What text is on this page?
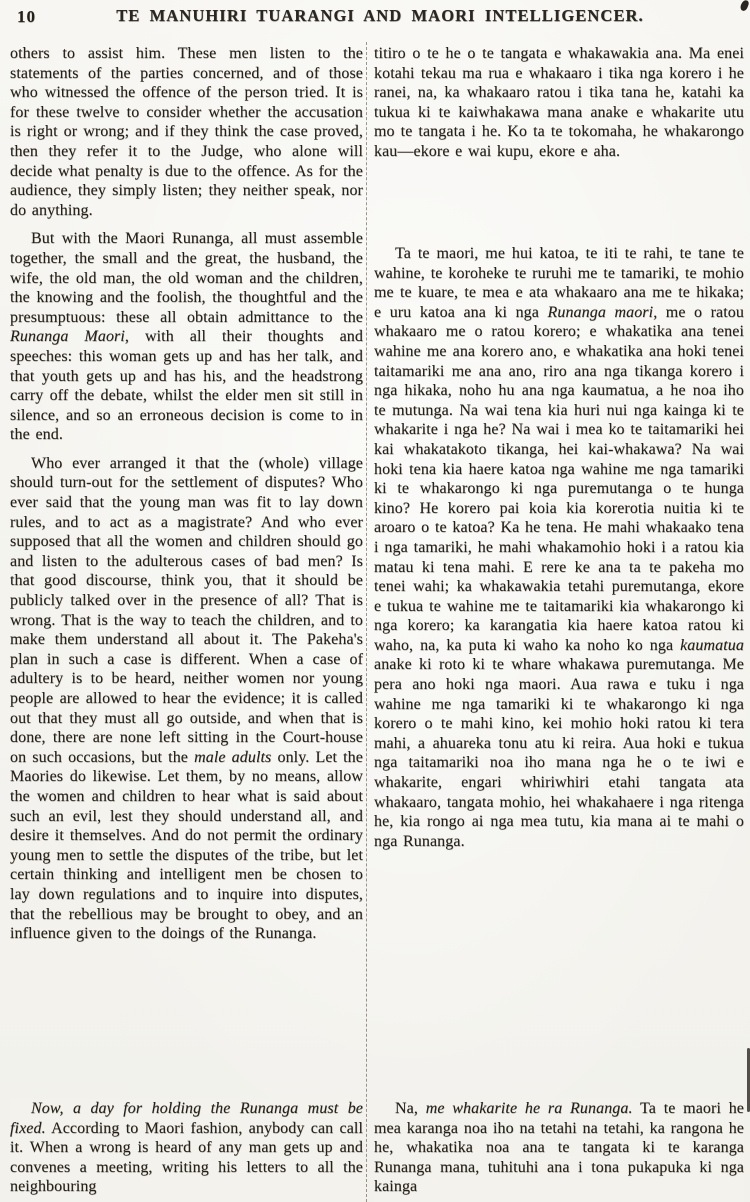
10	TE MANUHIRI TUARANGI AND MAORI INTELLIGENCER.

others to assist him. These men listen to the statements of the parties concerned, and of those who witnessed the offence of the person tried. It is for these twelve to consider whether the accusation is right or wrong; and if they think the case proved, then they refer it to the Judge, who alone will decide what penalty is due to the offence. As for the audience, they simply listen; they neither speak, nor do anything.

But with the Maori Runanga, all must assemble together, the small and the great, the husband, the wife, the old man, the old woman and the children, the knowing and the foolish, the thoughtful and the presumptuous: these all obtain admittance to the Runanga Maori, with all their thoughts and speeches: this woman gets up and has her talk, and that youth gets up and has his, and the headstrong carry off the debate, whilst the elder men sit still in silence, and so an erroneous decision is come to in the end.

Who ever arranged it that the (whole) village should turn-out for the settlement of disputes? Who ever said that the young man was fit to lay down rules, and to act as a magistrate? And who ever supposed that all the women and children should go and listen to the adulterous cases of bad men? Is that good discourse, think you, that it should be publicly talked over in the presence of all? That is wrong. That is the way to teach the children, and to make them understand all about it. The Pakeha's plan in such a case is different. When a case of adultery is to be heard, neither women nor young people are allowed to hear the evidence; it is called out that they must all go outside, and when that is done, there are none left sitting in the Court-house on such occasions, but the male adults only. Let the Maories do likewise. Let them, by no means, allow the women and children to hear what is said about such an evil, lest they should understand all, and desire it themselves. And do not permit the ordinary young men to settle the disputes of the tribe, but let certain thinking and intelligent men be chosen to lay down regulations and to inquire into disputes, that the rebellious may be brought to obey, and an influence given to the doings of the Runanga.

titiro o te he o te tangata e whakawakia ana. Ma enei kotahi tekau ma rua e whakaaro i tika nga korero i he ranei, na, ka whakaaro ratou i tika tana he, katahi ka tukua ki te kaiwhakawa mana anake e whakarite utu mo te tangata i he. Ko ta te tokomaha, he whakarongo kau—ekore e wai kupu, ekore e aha.

Ta te maori, me hui katoa, te iti te rahi, te tane te wahine, te koroheke te ruruhi me te tamariki, te mohio me te kuare, te mea e ata whakaaro ana me te hikaka; e uru katoa ana ki nga Runanga maori, me o ratou whakaaro me o ratou korero; e whakatika ana tenei wahine me ana korero ano, e whakatika ana hoki tenei taitamariki me ana ano, riro ana nga tikanga korero i nga hikaka, noho hu ana nga kaumatua, a he noa iho te mutunga. Na wai tena kia huri nui nga kainga ki te whakarite i nga he? Na wai i mea ko te taitamariki hei kai whakatakoto tikanga, hei kai-whakawa? Na wai hoki tena kia haere katoa nga wahine me nga tamariki ki te whakarongo ki nga puremutanga o te hunga kino? He korero pai koia kia korerotia nuitia ki te aroaro o te katoa? Ka he tena. He mahi whakaako tena i nga tamariki, he mahi whakamohio hoki i a ratou kia matau ki tena mahi. E rere ke ana ta te pakeha mo tenei wahi; ka whakawakia tetahi puremutanga, ekore e tukua te wahine me te taitamariki kia whakarongo ki nga korero; ka karangatia kia haere katoa ratou ki waho, na, ka puta ki waho ka noho ko nga kaumatua anake ki roto ki te whare whakawa puremutanga. Me pera ano hoki nga maori. Aua rawa e tuku i nga wahine me nga tamariki ki te whakarongo ki nga korero o te mahi kino, kei mohio hoki ratou ki tera mahi, a ahuareka tonu atu ki reira. Aua hoki e tukua nga taitamariki noa iho mana nga he o te iwi e whakarite, engari whiriwhiri etahi tangata ata whakaaro, tangata mohio, hei whakahaere i nga ritenga he, kia rongo ai nga mea tutu, kia mana ai te mahi o nga Runanga.

Now, a day for holding the Runanga must be fixed. According to Maori fashion, anybody can call it. When a wrong is heard of any man gets up and convenes a meeting, writing his letters to all the neighbouring

Na, me whakarite he ra Runanga. Ta te maori he mea karanga noa iho na tetahi na tetahi, ka rangona he he, whakatika noa ana te tangata ki te karanga Runanga mana, tuhituhi ana i tona pukapuka ki nga kainga
